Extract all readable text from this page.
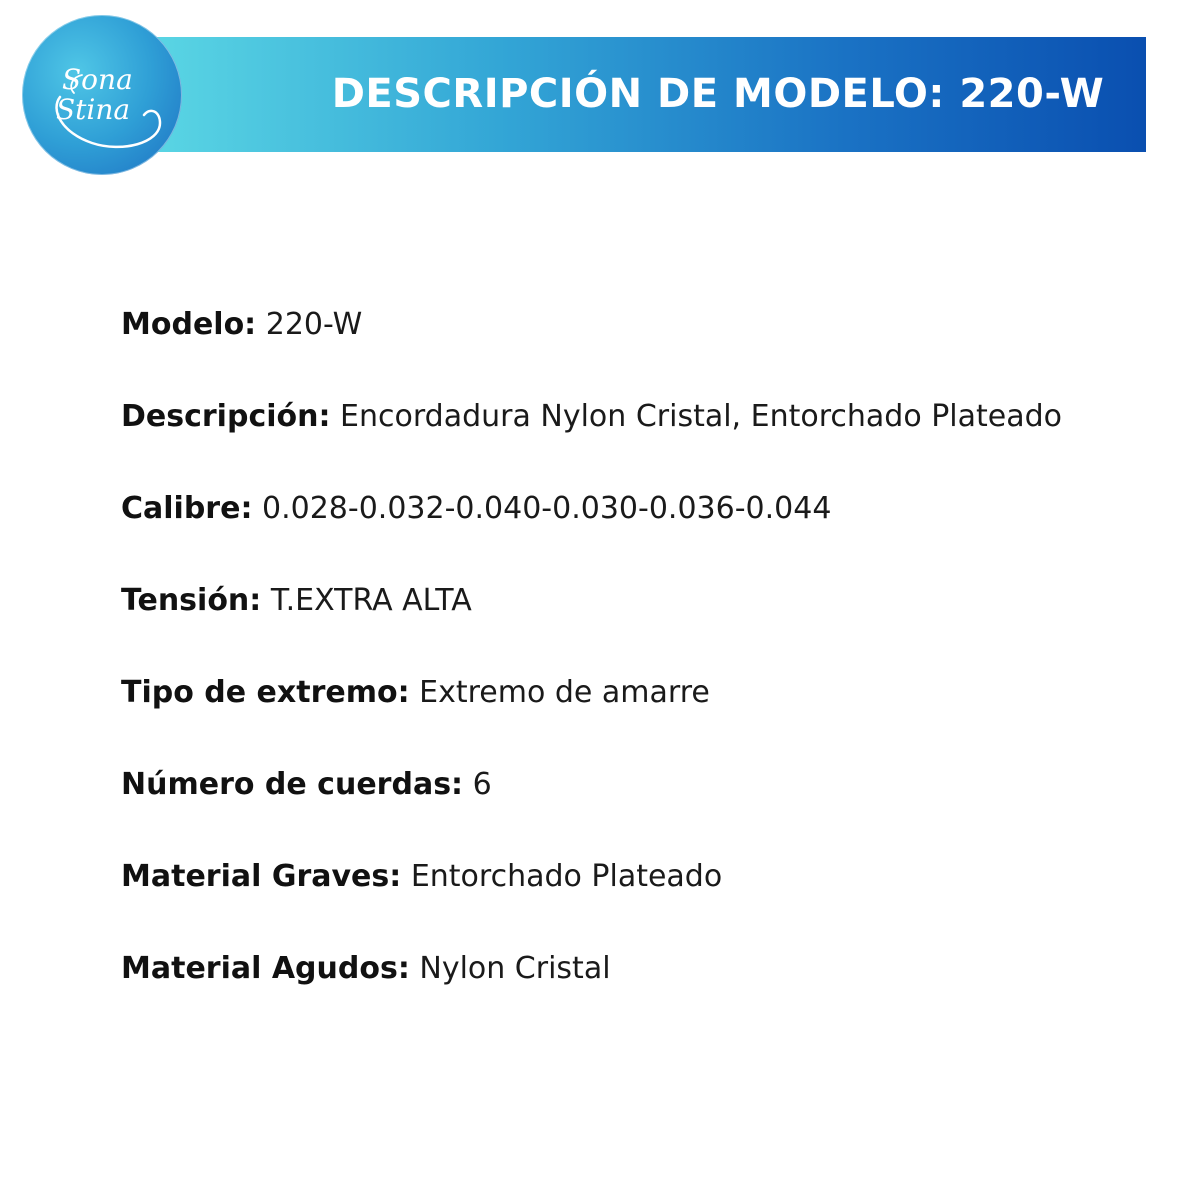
DESCRIPCIÓN DE MODELO: 220-W
Sona
Stina
Modelo: 220-W
Descripción: Encordadura Nylon Cristal, Entorchado Plateado
Calibre: 0.028-0.032-0.040-0.030-0.036-0.044
Tensión: T.EXTRA ALTA
Tipo de extremo: Extremo de amarre
Número de cuerdas: 6
Material Graves: Entorchado Plateado
Material Agudos: Nylon Cristal
